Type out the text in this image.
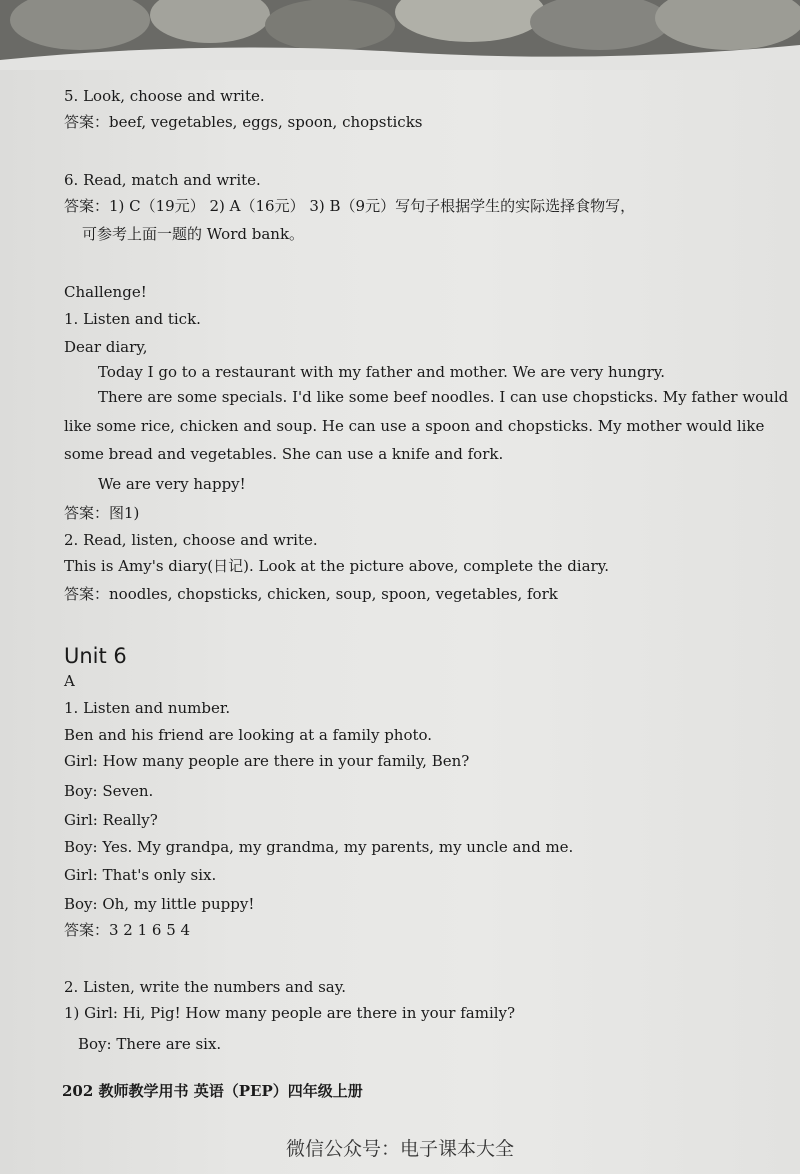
5. Look, choose and write.
答案：beef, vegetables, eggs, spoon, chopsticks
6. Read, match and write.
答案：1) C（19元） 2) A（16元） 3) B（9元）写句子根据学生的实际选择食物写，
可参考上面一题的 Word bank。
Challenge!
1. Listen and tick.
Dear diary,
Today I go to a restaurant with my father and mother. We are very hungry.
There are some specials. I'd like some beef noodles. I can use chopsticks. My father would
like some rice, chicken and soup. He can use a spoon and chopsticks. My mother would like
some bread and vegetables. She can use a knife and fork.
We are very happy!
答案：图1)
2. Read, listen, choose and write.
This is Amy's diary(日记). Look at the picture above, complete the diary.
答案：noodles, chopsticks, chicken, soup, spoon, vegetables, fork
Unit 6
A
1. Listen and number.
Ben and his friend are looking at a family photo.
Girl: How many people are there in your family, Ben?
Boy: Seven.
Girl: Really?
Boy: Yes. My grandpa, my grandma, my parents, my uncle and me.
Girl: That's only six.
Boy: Oh, my little puppy!
答案：3 2 1 6 5 4
2. Listen, write the numbers and say.
1) Girl: Hi, Pig! How many people are there in your family?
Boy: There are six.
202 教师教学用书 英语（PEP）四年级上册
微信公众号：电子课本大全
